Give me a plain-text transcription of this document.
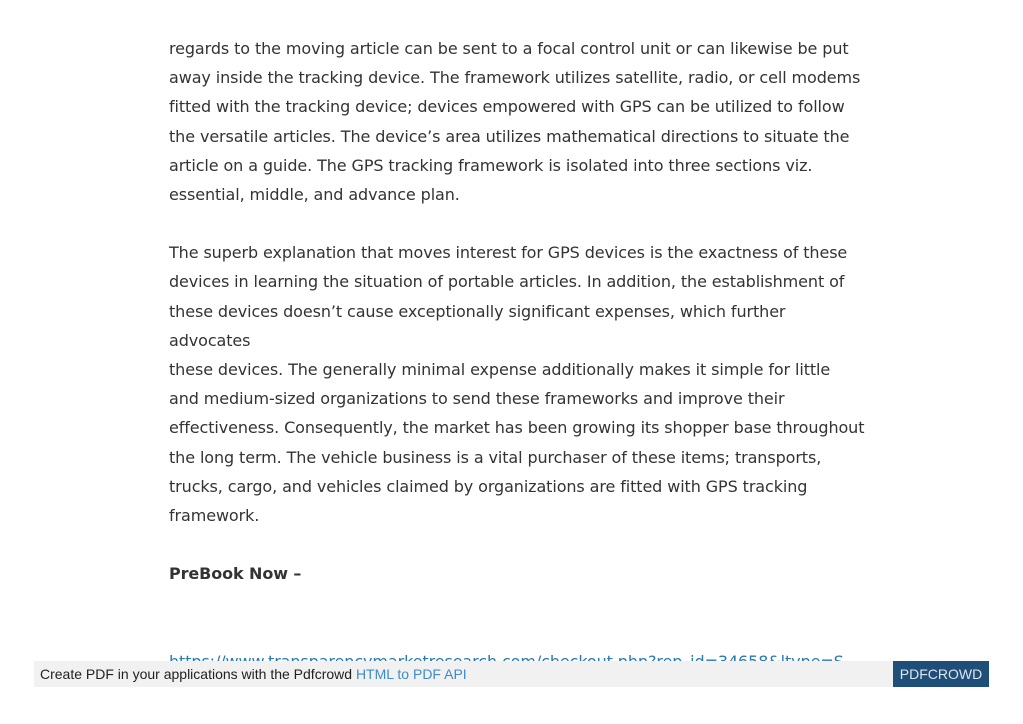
regards to the moving article can be sent to a focal control unit or can likewise be put
away inside the tracking device. The framework utilizes satellite, radio, or cell modems
fitted with the tracking device; devices empowered with GPS can be utilized to follow
the versatile articles. The device’s area utilizes mathematical directions to situate the
article on a guide. The GPS tracking framework is isolated into three sections viz.
essential, middle, and advance plan.

The superb explanation that moves interest for GPS devices is the exactness of these
devices in learning the situation of portable articles. In addition, the establishment of
these devices doesn’t cause exceptionally significant expenses, which further advocates
these devices. The generally minimal expense additionally makes it simple for little
and medium-sized organizations to send these frameworks and improve their
effectiveness. Consequently, the market has been growing its shopper base throughout
the long term. The vehicle business is a vital purchaser of these items; transports,
trucks, cargo, and vehicles claimed by organizations are fitted with GPS tracking
framework.

PreBook Now –

Create PDF in your applications with the Pdfcrowd HTML to PDF API	PDFCROWD
